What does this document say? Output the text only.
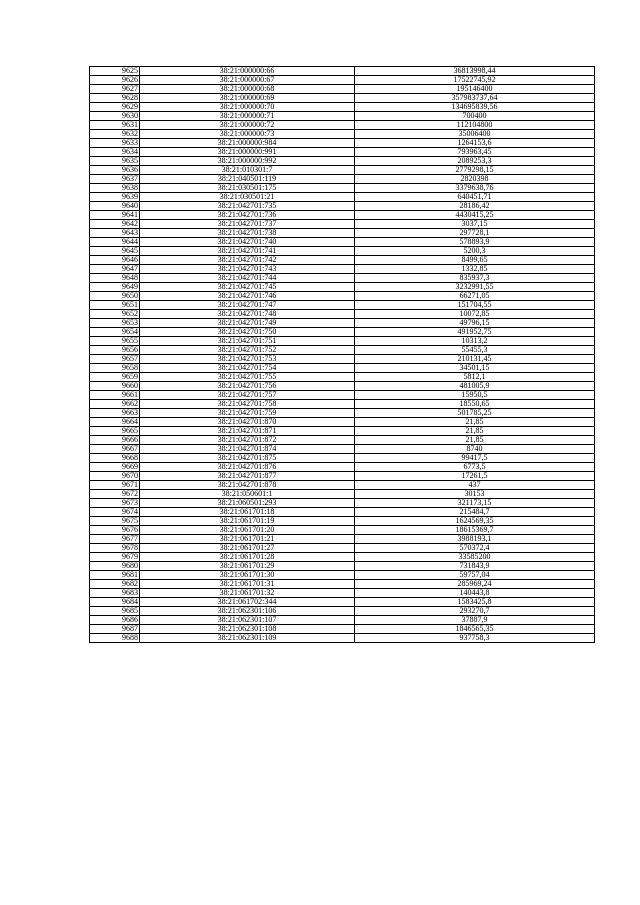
9625	38:21:000000:66	36813998,44
9626	38:21:000000:67	17522745,92
9627	38:21:000000:68	195146400
9628	38:21:000000:69	357983737,64
9629	38:21:000000:70	134695839,56
9630	38:21:000000:71	700400
9631	38:21:000000:72	112104800
9632	38:21:000000:73	35006400
9633	38:21:000000:984	1264153,6
9634	38:21:000000:991	793963,45
9635	38:21:000000:992	2089253,3
9636	38:21:010301:7	2779298,15
9637	38:21:040501:119	2820398
9638	38:21:030501:175	3379638,76
9639	38:21:030501:21	640451,71
9640	38:21:042701:735	28186,42
9641	38:21:042701:736	4430415,25
9642	38:21:042701:737	3037,15
9643	38:21:042701:738	297728,1
9644	38:21:042701:740	578893,9
9645	38:21:042701:741	5200,3
9646	38:21:042701:742	8499,65
9647	38:21:042701:743	1332,85
9648	38:21:042701:744	835937,3
9649	38:21:042701:745	3232991,55
9650	38:21:042701:746	66271,05
9651	38:21:042701:747	151704,55
9652	38:21:042701:748	10072,85
9653	38:21:042701:749	49796,15
9654	38:21:042701:750	491952,75
9655	38:21:042701:751	10313,2
9656	38:21:042701:752	55455,3
9657	38:21:042701:753	210131,45
9658	38:21:042701:754	34501,15
9659	38:21:042701:755	5812,1
9660	38:21:042701:756	481005,9
9661	38:21:042701:757	15950,5
9662	38:21:042701:758	18550,65
9663	38:21:042701:759	501785,25
9664	38:21:042701:870	21,85
9665	38:21:042701:871	21,85
9666	38:21:042701:872	21,85
9667	38:21:042701:874	8740
9668	38:21:042701:875	99417,5
9669	38:21:042701:876	6773,5
9670	38:21:042701:877	17261,5
9671	38:21:042701:878	437
9672	38:21:050601:1	30153
9673	38:21:060501:293	321173,15
9674	38:21:061701:18	215484,7
9675	38:21:061701:19	1624569,35
9676	38:21:061701:20	18615369,7
9677	38:21:061701:21	3988193,1
9678	38:21:061701:27	570372,4
9679	38:21:061701:28	33585200
9680	38:21:061701:29	731843,9
9681	38:21:061701:30	59757,04
9682	38:21:061701:31	285969,24
9683	38:21:061701:32	140443,8
9684	38:21:061702:344	1583425,8
9685	38:21:062301:106	293270,7
9686	38:21:062301:107	37887,9
9687	38:21:062301:108	1846565,35
9688	38:21:062301:109	937758,3
